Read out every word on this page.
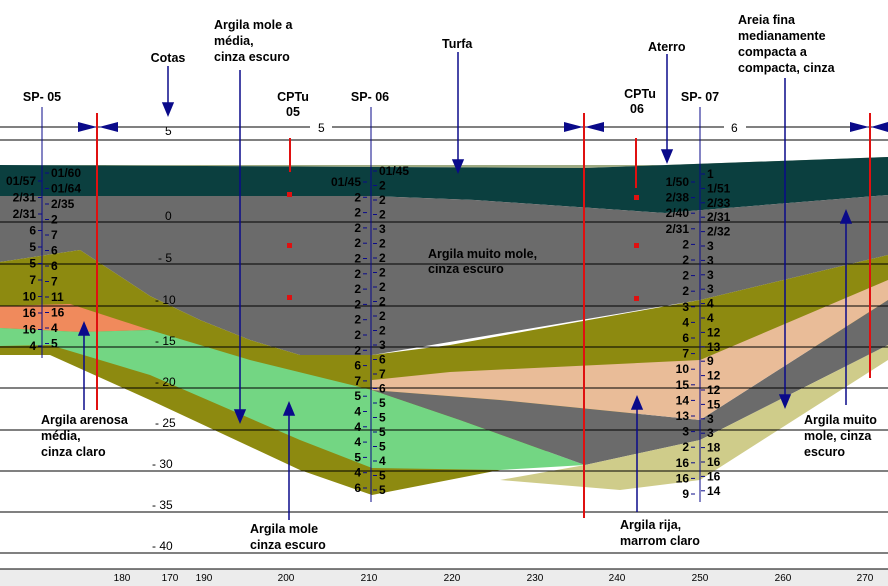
5
0
- 5
- 10
- 15
- 20
- 25
- 30
- 35
- 40
5	6
170
180	190	200	210	220	230	240	250	260	270
Cotas
SP- 05	SP- 06	SP- 07
CPTu
05
CPTu
06
Argila mole a
média,
cinza escuro
Turfa	Aterro
Areia fina
medianamente
compacta a
compacta, cinza
Argila muito mole,
cinza escuro
Argila arenosa
média,
cinza claro
Argila mole
cinza escuro
Argila rija,
marrom claro
Argila muito
mole, cinza
escuro
01/57
2/31
2/31
6
5
5
7
10
16
16
4
01/60
01/64
2/35
2
7
6
6
7
11
16
4
5
01/45
2
2
2
2
2
2
2
2
2
2
2
6
7
5
4
4
4
5
4
6
01/45
2
2
2
3
2
2
2
2
2
2
2
3
6
7
6
5
5
5
5
4
5
5
1/50
2/38
2/40
2/31
2
2
2
2
3
4
6
7
10
15
14
13
3
2
16
16
9
1
1/51
2/33
2/31
2/32
3
3
3
3
4
4
12
13
9
12
12
15
3
3
18
16
16
14
